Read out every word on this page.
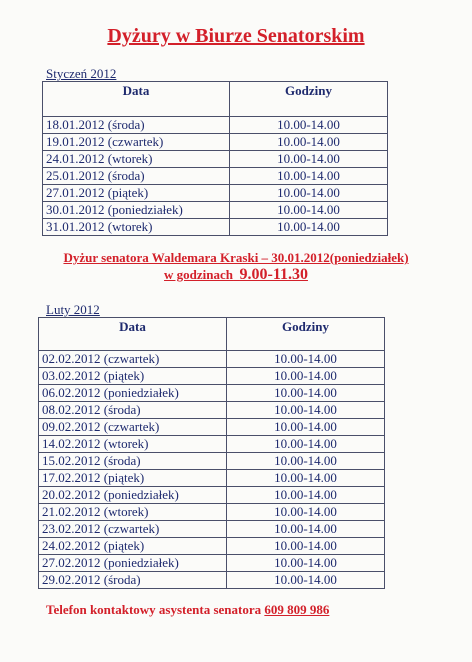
Dyżury w Biurze Senatorskim
Styczeń 2012
Data	Godziny
18.01.2012 (środa)	10.00-14.00
19.01.2012 (czwartek)	10.00-14.00
24.01.2012 (wtorek)	10.00-14.00
25.01.2012 (środa)	10.00-14.00
27.01.2012 (piątek)	10.00-14.00
30.01.2012 (poniedziałek)	10.00-14.00
31.01.2012 (wtorek)	10.00-14.00
Dyżur senatora Waldemara Kraski – 30.01.2012(poniedziałek)
w godzinach 9.00-11.30
Luty 2012
Data	Godziny
02.02.2012 (czwartek)	10.00-14.00
03.02.2012 (piątek)	10.00-14.00
06.02.2012 (poniedziałek)	10.00-14.00
08.02.2012 (środa)	10.00-14.00
09.02.2012 (czwartek)	10.00-14.00
14.02.2012 (wtorek)	10.00-14.00
15.02.2012 (środa)	10.00-14.00
17.02.2012 (piątek)	10.00-14.00
20.02.2012 (poniedziałek)	10.00-14.00
21.02.2012 (wtorek)	10.00-14.00
23.02.2012 (czwartek)	10.00-14.00
24.02.2012 (piątek)	10.00-14.00
27.02.2012 (poniedziałek)	10.00-14.00
29.02.2012 (środa)	10.00-14.00
Telefon kontaktowy asystenta senatora 609 809 986
